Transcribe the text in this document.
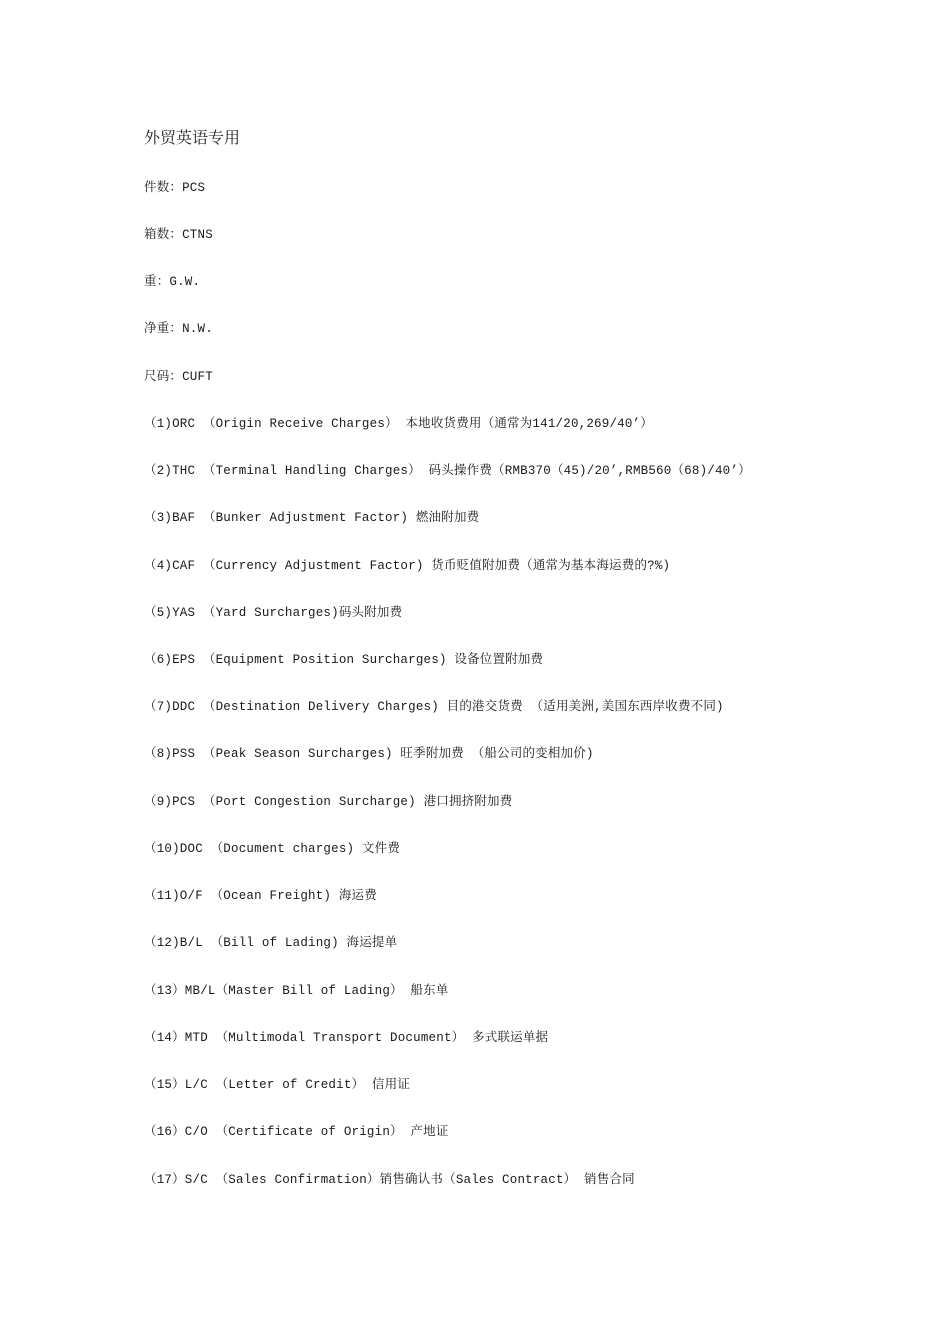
外贸英语专用
件数：PCS
箱数：CTNS
重：G.W.
净重：N.W.
尺码：CUFT
（1)ORC （Origin Receive Charges） 本地收货费用（通常为141/20,269/40’）
（2)THC （Terminal Handling Charges） 码头操作费（RMB370（45)/20’,RMB560（68)/40’）
（3)BAF （Bunker Adjustment Factor) 燃油附加费
（4)CAF （Currency Adjustment Factor) 货币贬值附加费（通常为基本海运费的?%)
（5)YAS （Yard Surcharges)码头附加费
（6)EPS （Equipment Position Surcharges) 设备位置附加费
（7)DDC （Destination Delivery Charges) 目的港交货费 （适用美洲,美国东西岸收费不同)
（8)PSS （Peak Season Surcharges) 旺季附加费 （船公司的变相加价)
（9)PCS （Port Congestion Surcharge) 港口拥挤附加费
（10)DOC （Document charges) 文件费
（11)O/F （Ocean Freight) 海运费
（12)B/L （Bill of Lading) 海运提单
（13）MB/L（Master Bill of Lading） 船东单
（14）MTD （Multimodal Transport Document） 多式联运单据
（15）L/C （Letter of Credit） 信用证
（16）C/O （Certificate of Origin） 产地证
（17）S/C （Sales Confirmation）销售确认书（Sales Contract） 销售合同
